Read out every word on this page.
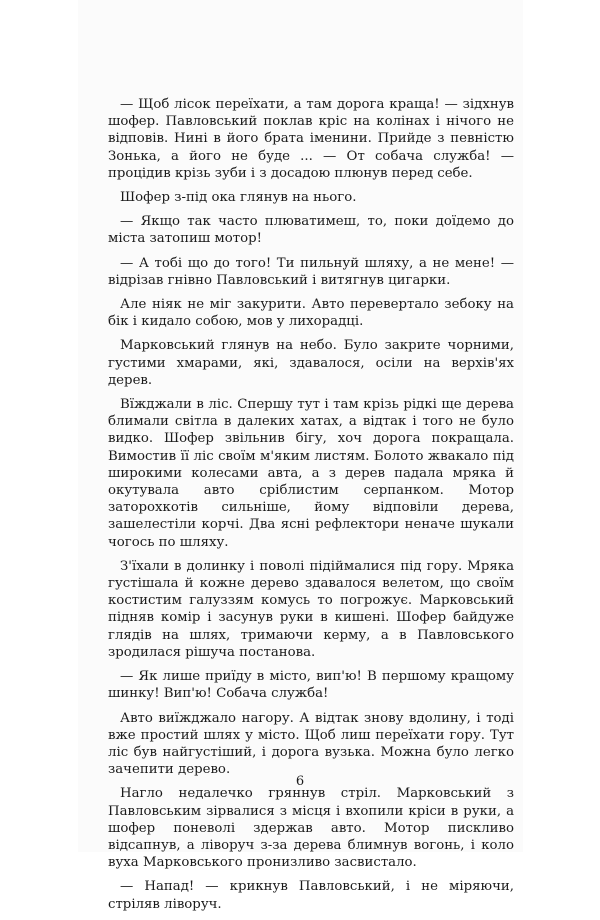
— Щоб лісок переїхати, а там дорога краща! — зідхнув шофер. Павловський поклав кріс на колінах і нічого не відповів. Нині в його брата іменини. Прийде з певністю Зонька, а його не буде ... — От собача служба! — процідив крізь зуби і з досадою плюнув перед себе.

Шофер з-під ока глянув на нього.

— Якщо так часто плюватимеш, то, поки доїдемо до міста затопиш мотор!

— А тобі що до того! Ти пильнуй шляху, а не мене! — відрізав гнівно Павловський і витягнув цигарки.

Але ніяк не міг закурити. Авто перевертало зебоку на бік і кидало собою, мов у лихорадці.

Марковський глянув на небо. Було закрите чорними, густими хмарами, які, здавалося, осіли на верхів'ях дерев.

Вїжджали в ліс. Спершу тут і там крізь рідкі ще дерева блимали світла в далеких хатах, а відтак і того не було видко. Шофер звільнив бігу, хоч дорога покращала. Вимостив її ліс своїм м'яким листям. Болото жвакало під широкими колесами авта, а з дерев падала мряка й окутувала авто сріблистим серпанком. Мотор заторохкотів сильніше, йому відповіли дерева, зашелестіли корчі. Два ясні рефлектори неначе шукали чогось по шляху.

З'їхали в долинку і поволі підіймалися під гору. Мряка густішала й кожне дерево здавалося велетом, що своїм костистим галуззям комусь то погрожує. Марковський підняв комір і засунув руки в кишені. Шофер байдуже глядів на шлях, тримаючи керму, а в Павловського зродилася рішуча постанова.

— Як лише приїду в місто, вип'ю! В першому кращому шинку! Вип'ю! Собача служба!

Авто виїжджало нагору. А відтак знову вдолину, і тоді вже простий шлях у місто. Щоб лиш переїхати гору. Тут ліс був найгустіший, і дорога вузька. Можна було легко зачепити дерево.

Нагло недалечко гряннув стріл. Марковський з Павловським зірвалися з місця і вхопили кріси в руки, а шофер поневолі здержав авто. Мотор пискливо відсапнув, а ліворуч з-за дерева блимнув вогонь, і коло вуха Марковського пронизливо засвистало.

— Напад! — крикнув Павловський, і не міряючи, стріляв ліворуч.

6
